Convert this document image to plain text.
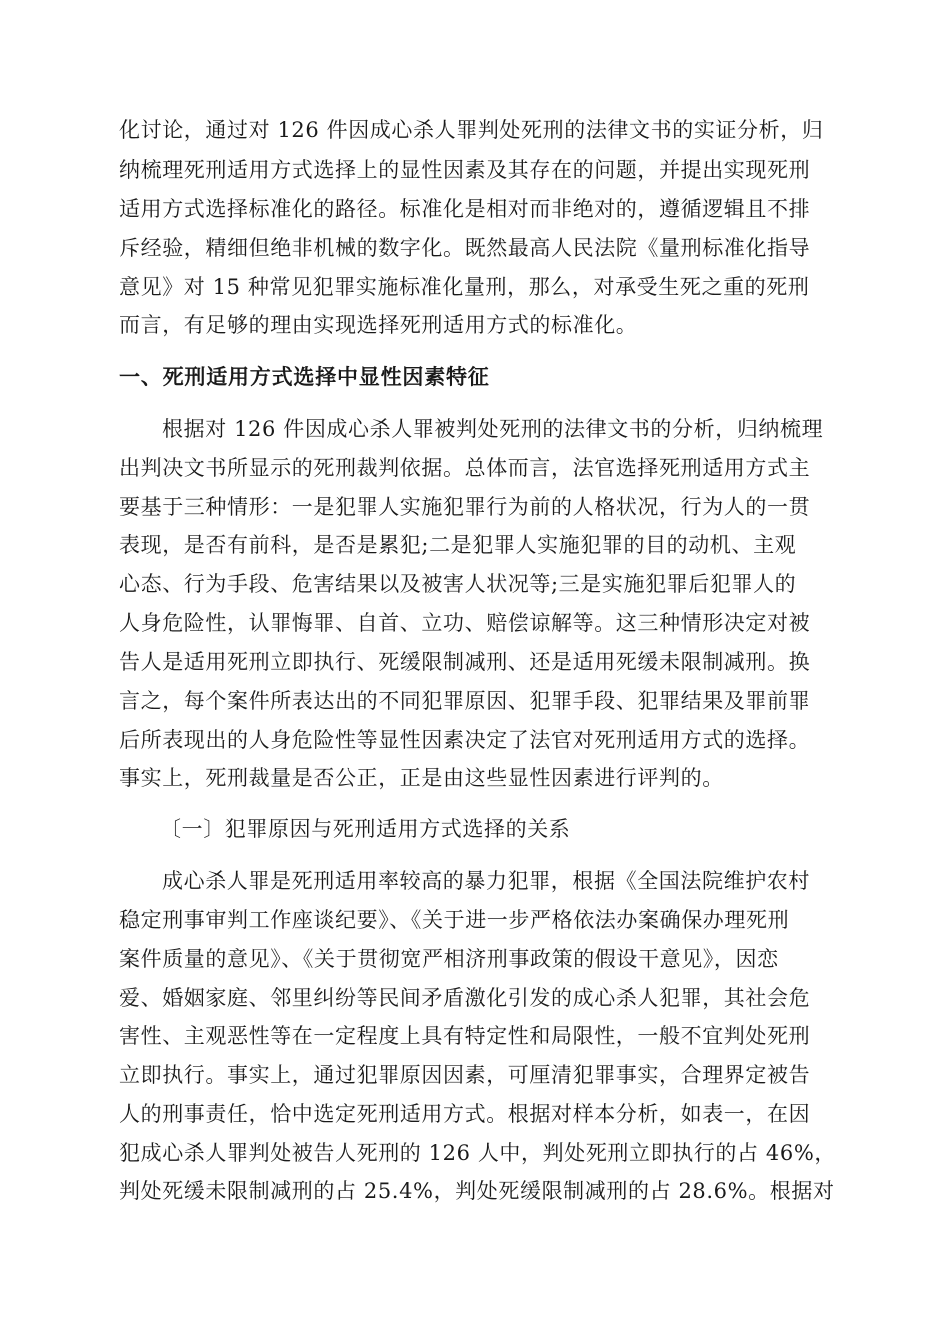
化讨论，通过对 126 件因成心杀人罪判处死刑的法律文书的实证分析，归
纳梳理死刑适用方式选择上的显性因素及其存在的问题，并提出实现死刑
适用方式选择标准化的路径。标准化是相对而非绝对的，遵循逻辑且不排
斥经验，精细但绝非机械的数字化。既然最高人民法院《量刑标准化指导
意见》对 15 种常见犯罪实施标准化量刑，那么，对承受生死之重的死刑
而言，有足够的理由实现选择死刑适用方式的标准化。
一、死刑适用方式选择中显性因素特征
根据对 126 件因成心杀人罪被判处死刑的法律文书的分析，归纳梳理
出判决文书所显示的死刑裁判依据。总体而言，法官选择死刑适用方式主
要基于三种情形：一是犯罪人实施犯罪行为前的人格状况，行为人的一贯
表现，是否有前科，是否是累犯;二是犯罪人实施犯罪的目的动机、主观
心态、行为手段、危害结果以及被害人状况等;三是实施犯罪后犯罪人的
人身危险性，认罪悔罪、自首、立功、赔偿谅解等。这三种情形决定对被
告人是适用死刑立即执行、死缓限制减刑、还是适用死缓未限制减刑。换
言之，每个案件所表达出的不同犯罪原因、犯罪手段、犯罪结果及罪前罪
后所表现出的人身危险性等显性因素决定了法官对死刑适用方式的选择。
事实上，死刑裁量是否公正，正是由这些显性因素进行评判的。
〔一〕犯罪原因与死刑适用方式选择的关系
成心杀人罪是死刑适用率较高的暴力犯罪，根据《全国法院维护农村
稳定刑事审判工作座谈纪要》、《关于进一步严格依法办案确保办理死刑
案件质量的意见》、《关于贯彻宽严相济刑事政策的假设干意见》，因恋
爱、婚姻家庭、邻里纠纷等民间矛盾激化引发的成心杀人犯罪，其社会危
害性、主观恶性等在一定程度上具有特定性和局限性，一般不宜判处死刑
立即执行。事实上，通过犯罪原因因素，可厘清犯罪事实，合理界定被告
人的刑事责任，恰中选定死刑适用方式。根据对样本分析，如表一，在因
犯成心杀人罪判处被告人死刑的 126 人中，判处死刑立即执行的占 46%，
判处死缓未限制减刑的占 25.4%，判处死缓限制减刑的占 28.6%。根据对
